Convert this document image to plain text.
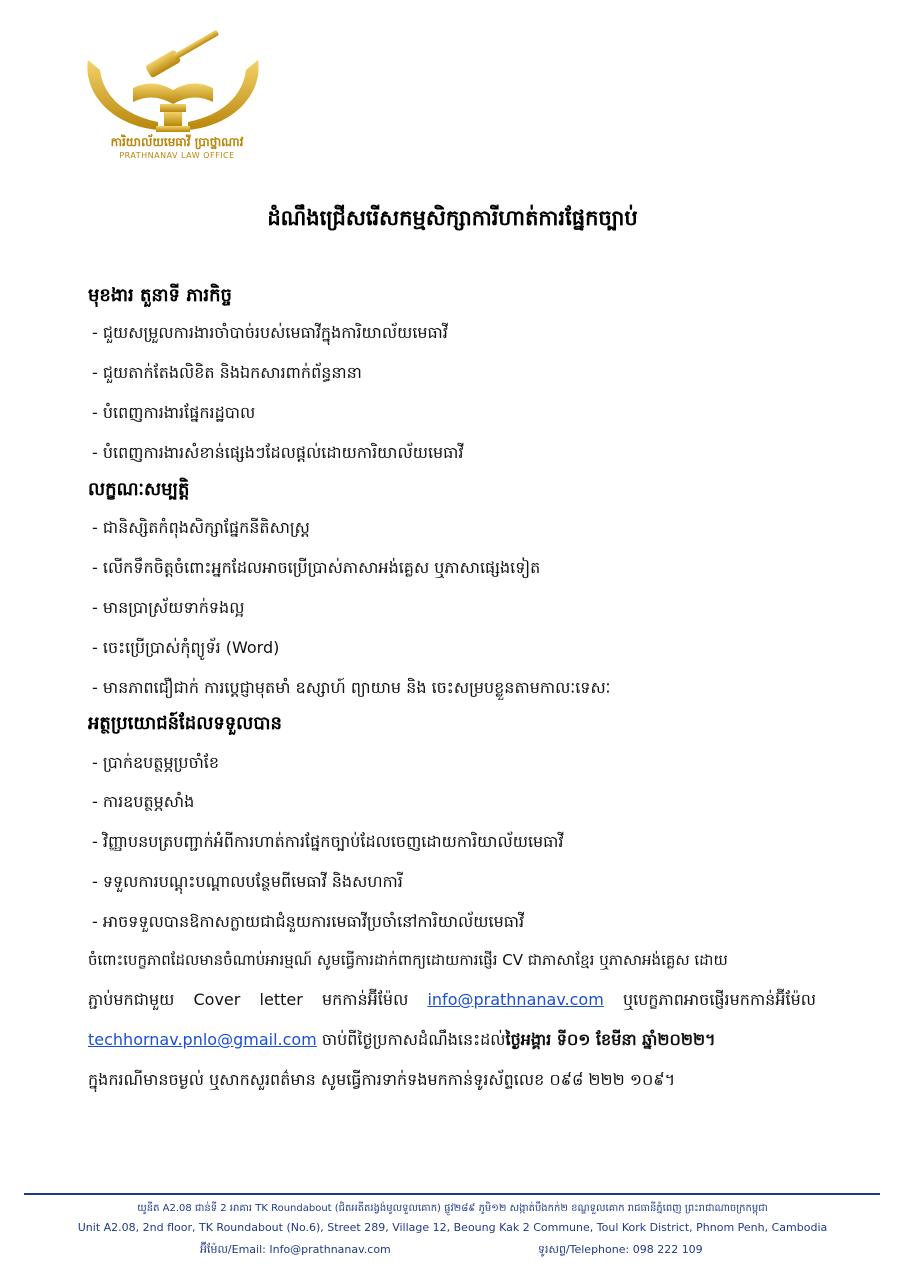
ការិយាល័យមេធាវី ប្រាថ្នាណាវ
PRATHNANAV LAW OFFICE
ដំណឹងជ្រើសរើសកម្មសិក្សាការីហាត់ការផ្នែកច្បាប់
មុខងារ តួនាទី ភារកិច្ច
- ជួយសម្រួលការងារចាំបាច់របស់មេធាវីក្នុងការិយាល័យមេធាវី
- ជួយតាក់តែងលិខិត និងឯកសារពាក់ព័ន្ធនានា
- បំពេញការងារផ្នែករដ្ឋបាល
- បំពេញការងារសំខាន់ផ្សេងៗដែលផ្តល់ដោយការិយាល័យមេធាវី
លក្ខណៈសម្បត្តិ
- ជានិស្សិតកំពុងសិក្សាផ្នែកនីតិសាស្ត្រ
- លើកទឹកចិត្តចំពោះអ្នកដែលអាចប្រើប្រាស់ភាសាអង់គ្លេស ឬភាសាផ្សេងទៀត
- មានប្រាស្រ័យទាក់ទងល្អ
- ចេះប្រើប្រាស់កុំព្យូទ័រ (Word)
- មានភាពជឿជាក់ ការប្តេជ្ញាមុតមាំ ឧស្សាហ៍ ព្យាយាម និង ចេះសម្របខ្លួនតាមកាលៈទេសៈ
អត្ថប្រយោជន៍ដែលទទួលបាន
- ប្រាក់ឧបត្ថម្ភប្រចាំខែ
- ការឧបត្ថម្ភសាំង
- វិញ្ញាបនបត្របញ្ជាក់អំពីការហាត់ការផ្នែកច្បាប់ដែលចេញដោយការិយាល័យមេធាវី
- ទទួលការបណ្តុះបណ្តាលបន្ថែមពីមេធាវី និងសហការី
- អាចទទួលបានឱកាសក្លាយជាជំនួយការមេធាវីប្រចាំនៅការិយាល័យមេធាវី
ចំពោះបេក្ខភាពដែលមានចំណាប់អារម្មណ៍ សូមធ្វើការដាក់ពាក្យដោយការផ្ញើរ CV ជាភាសាខ្មែរ ឬភាសាអង់គ្លេស ដោយ
ភ្ជាប់មកជាមួយ Cover letter មកកាន់អ៊ីម៉ែល info@prathnanav.com ឬបេក្ខភាពអាចផ្ញើរមកកាន់អ៊ីម៉ែល
techhornav.pnlo@gmail.com ចាប់ពីថ្ងៃប្រកាសដំណឹងនេះដល់ថ្ងៃអង្គារ ទី០១ ខែមីនា ឆ្នាំ២០២២។
ក្នុងករណីមានចម្ងល់ ឬសាកសួរពត៌មាន សូមធ្វើការទាក់ទងមកកាន់ទូរស័ព្ទលេខ ០៩៨ ២២២ ១០៩។
យូនីត A2.08 ជាន់ទី 2 អាគារ TK Roundabout (ជិតអតីតរង្វង់មូលទួលគោក) ផ្លូវ២៨៩ ភូមិ១២ សង្កាត់បឹងកក់២ ខណ្ឌទួលគោក រាជធានីភ្នំពេញ ព្រះរាជាណាចក្រកម្ពុជា
Unit A2.08, 2nd floor, TK Roundabout (No.6), Street 289, Village 12, Beoung Kak 2 Commune, Toul Kork District, Phnom Penh, Cambodia
អ៊ីម៉ែល/Email: Info@prathnanav.com	ទូរសព្ទ/Telephone: 098 222 109
